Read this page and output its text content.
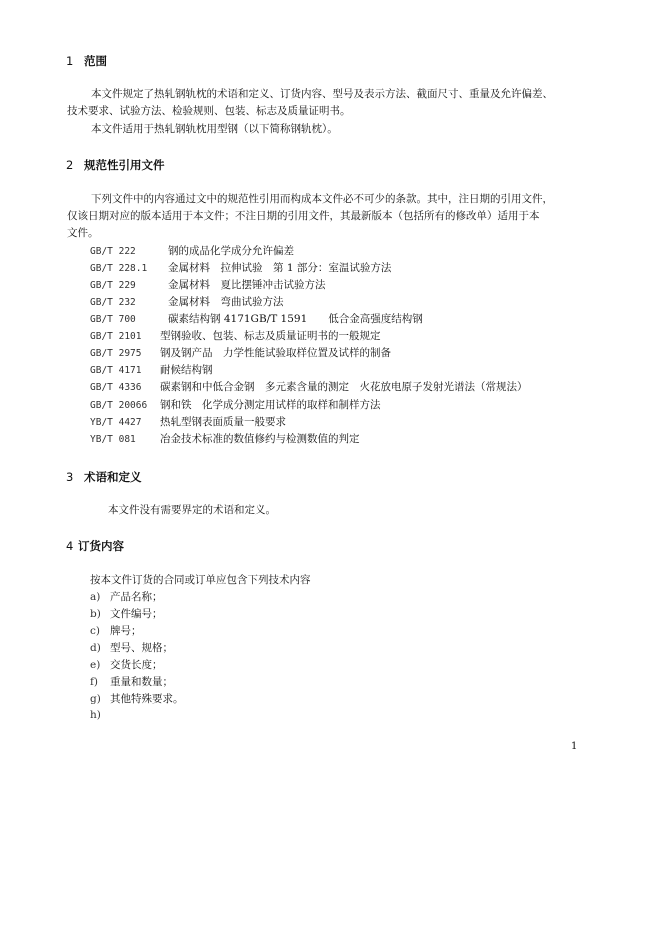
1 范围
本文件规定了热轧钢轨枕的术语和定义、订货内容、型号及表示方法、截面尺寸、重量及允许偏差、
技术要求、试验方法、检验规则、包装、标志及质量证明书。
本文件适用于热轧钢轨枕用型钢（以下简称钢轨枕）。
2 规范性引用文件
下列文件中的内容通过文中的规范性引用而构成本文件必不可少的条款。其中，注日期的引用文件，
仅该日期对应的版本适用于本文件；不注日期的引用文件，其最新版本（包括所有的修改单）适用于本
文件。
GB/T 222	钢的成品化学成分允许偏差
GB/T 228.1 金属材料　拉伸试验　第 1 部分：室温试验方法
GB/T 229	金属材料　夏比摆锤冲击试验方法
GB/T 232	金属材料　弯曲试验方法
GB/T 700	碳素结构钢 4171GB/T 1591　　低合金高强度结构钢
GB/T 2101 型钢验收、包装、标志及质量证明书的一般规定
GB/T 2975 钢及钢产品　力学性能试验取样位置及试样的制备
GB/T 4171 耐候结构钢
GB/T 4336 碳素钢和中低合金钢　多元素含量的测定　火花放电原子发射光谱法（常规法）
GB/T 20066 钢和铁　化学成分测定用试样的取样和制样方法
YB/T 4427 热轧型钢表面质量一般要求
YB/T 081 冶金技术标准的数值修约与检测数值的判定
3 术语和定义
本文件没有需要界定的术语和定义。
4 订货内容
按本文件订货的合同或订单应包含下列技术内容
a) 产品名称；
b) 文件编号；
c) 牌号；
d) 型号、规格；
e) 交货长度；
f) 重量和数量；
g) 其他特殊要求。
h)
1
